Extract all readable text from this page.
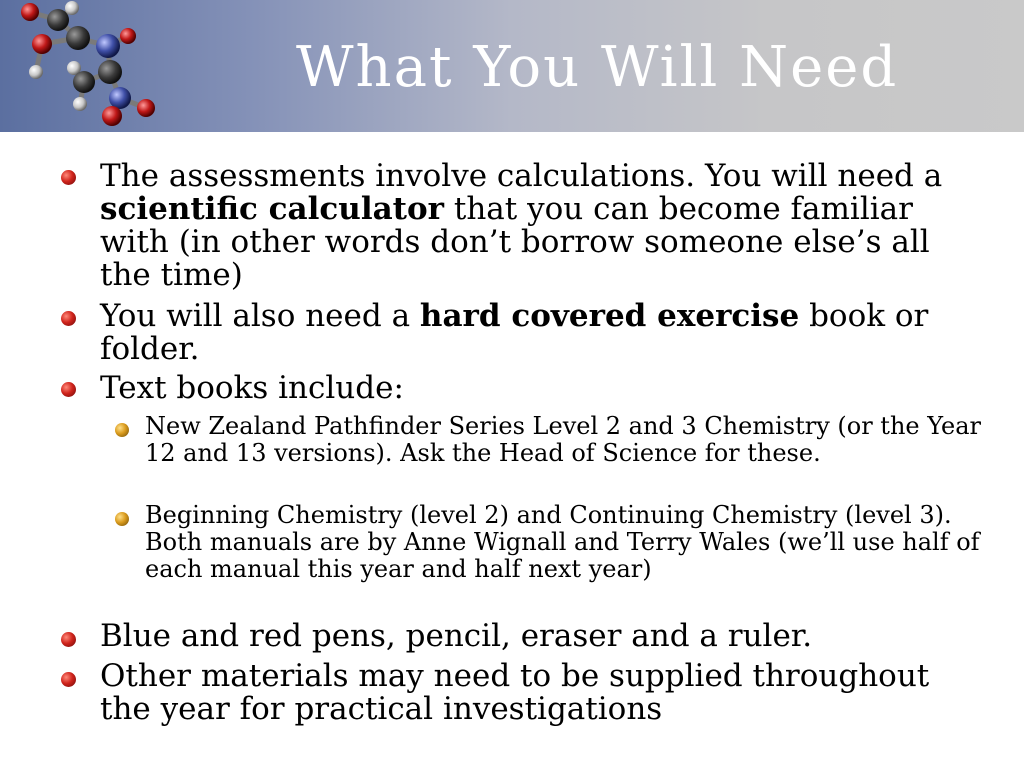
What You Will Need
The assessments involve calculations. You will need a scientific calculator that you can become familiar with (in other words don’t borrow someone else’s all the time)
You will also need a hard covered exercise book or folder.
Text books include:
New Zealand Pathfinder Series Level 2 and 3 Chemistry (or the Year 12 and 13 versions). Ask the Head of Science for these.
Beginning Chemistry (level 2) and Continuing Chemistry (level 3). Both manuals are by Anne Wignall and Terry Wales (we’ll use half of each manual this year and half next year)
Blue and red pens, pencil, eraser and a ruler.
Other materials may need to be supplied throughout the year for practical investigations
